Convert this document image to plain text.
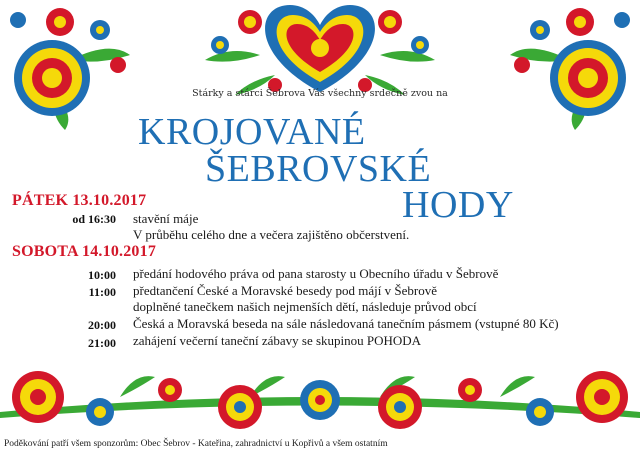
Stárky a stárci Šebrova Vás všechny srdečně zvou na
KROJOVANÉ
ŠEBROVSKÉ
HODY
PÁTEK 13.10.2017
od 16:30 stavění máje
V průběhu celého dne a večera zajištěno občerstvení.
SOBOTA 14.10.2017
10:00 předání hodového práva od pana starosty u Obecního úřadu v Šebrově
11:00 předtančení České a Moravské besedy pod májí v Šebrově
doplněné tanečkem našich nejmenších dětí, následuje průvod obcí
20:00 Česká a Moravská beseda na sále následovaná tanečním pásmem (vstupné 80 Kč)
21:00 zahájení večerní taneční zábavy se skupinou POHODA
Poděkování patří všem sponzorům: Obec Šebrov - Kateřina, zahradnictví u Kopřivů a všem ostatním
